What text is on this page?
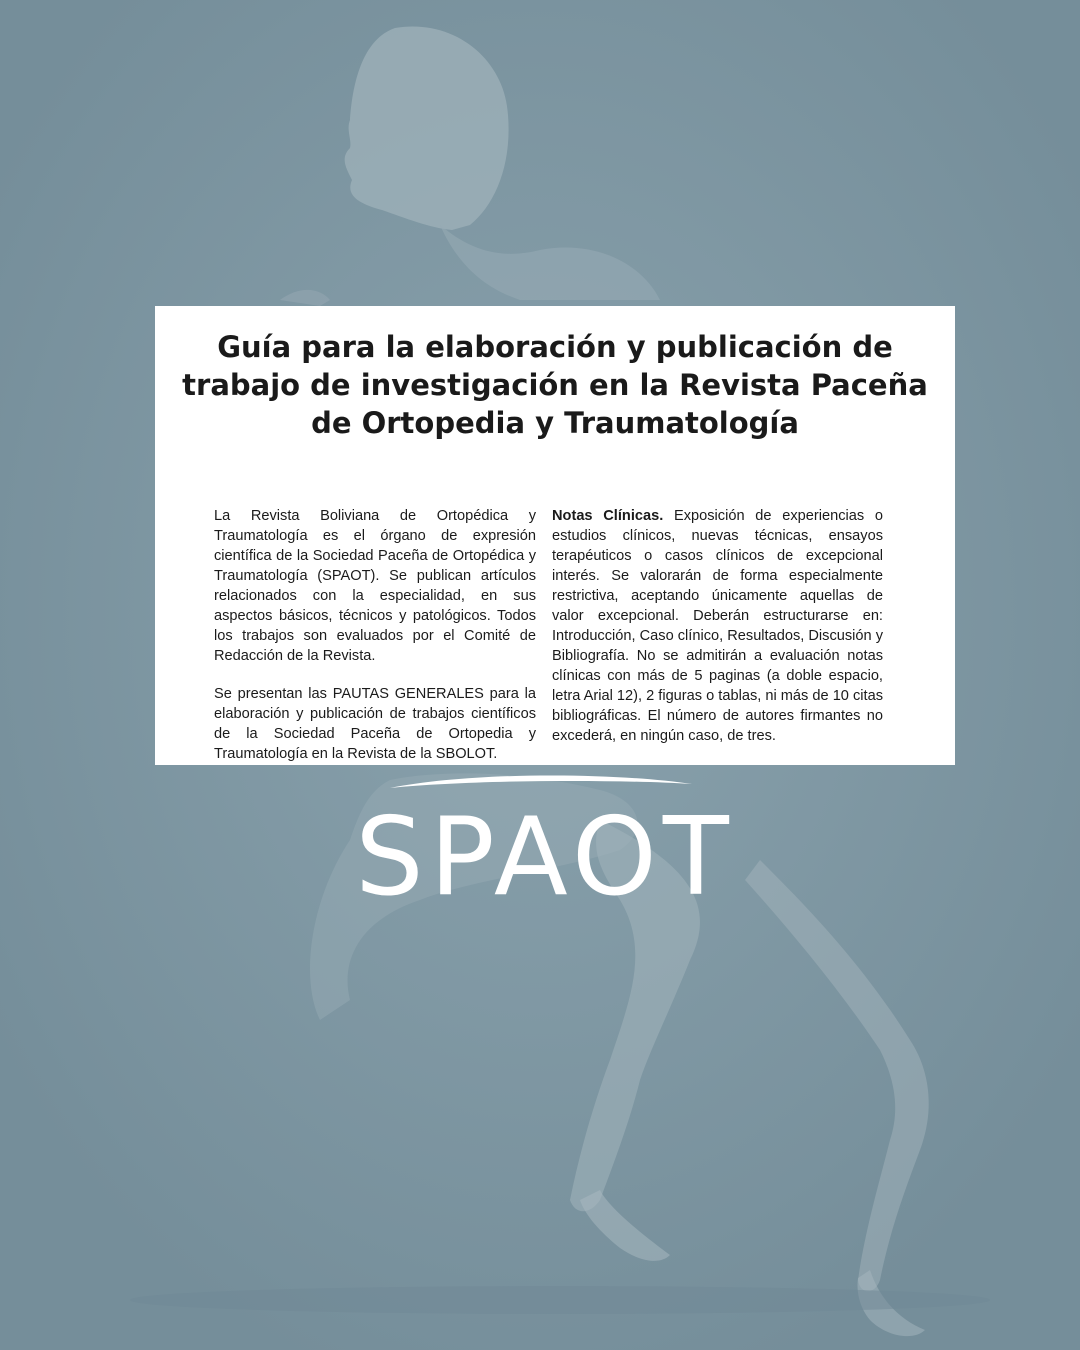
Guía para la elaboración y publicación de trabajo de investigación en la Revista Paceña de Ortopedia y Traumatología

La Revista Boliviana de Ortopédica y Traumatología es el órgano de expresión científica de la Sociedad Paceña de Ortopédica y Traumatología (SPAOT). Se publican artículos relacionados con la especialidad, en sus aspectos básicos, técnicos y patológicos. Todos los trabajos son evaluados por el Comité de Redacción de la Revista.

Se presentan las PAUTAS GENERALES para la elaboración y publicación de trabajos científicos de la Sociedad Paceña de Ortopedia y Traumatología en la Revista de la SBOLOT.

Notas Clínicas. Exposición de experiencias o estudios clínicos, nuevas técnicas, ensayos terapéuticos o casos clínicos de excepcional interés. Se valorarán de forma especialmente restrictiva, aceptando únicamente aquellas de valor excepcional. Deberán estructurarse en: Introducción, Caso clínico, Resultados, Discusión y Bibliografía. No se admitirán a evaluación notas clínicas con más de 5 paginas (a doble espacio, letra Arial 12), 2 figuras o tablas, ni más de 10 citas bibliográficas. El número de autores firmantes no excederá, en ningún caso, de tres.

SPAOT
